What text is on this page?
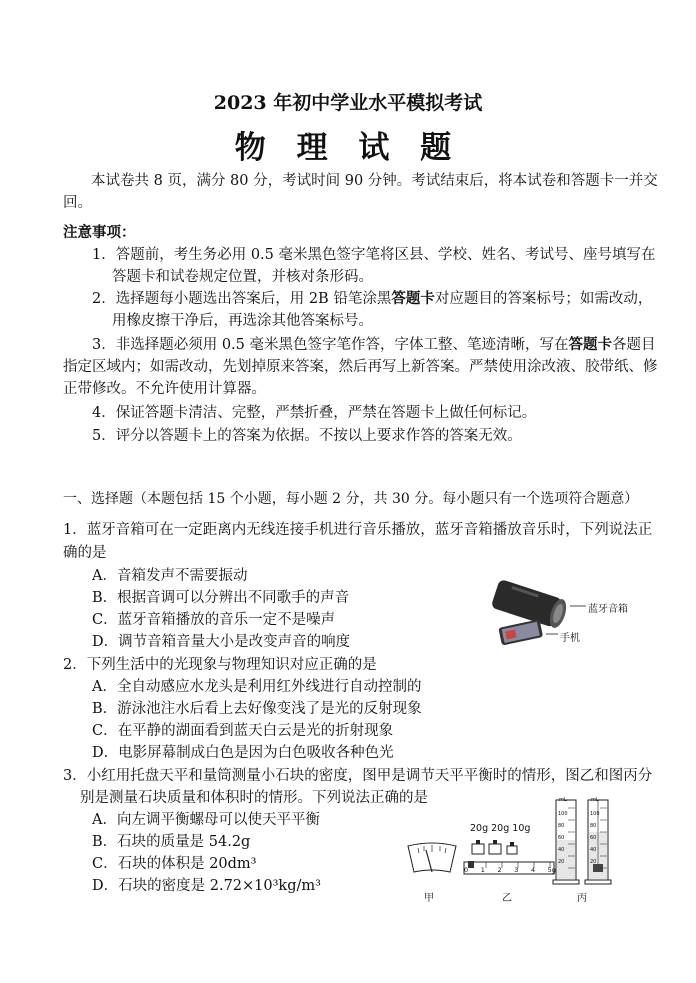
2023 年初中学业水平模拟考试
物 理 试 题
本试卷共 8 页，满分 80 分，考试时间 90 分钟。考试结束后，将本试卷和答题卡一并交
回。
注意事项：
1．答题前，考生务必用 0.5 毫米黑色签字笔将区县、学校、姓名、考试号、座号填写在
答题卡和试卷规定位置，并核对条形码。
2．选择题每小题选出答案后，用 2B 铅笔涂黑答题卡对应题目的答案标号；如需改动，
用橡皮擦干净后，再选涂其他答案标号。
3．非选择题必须用 0.5 毫米黑色签字笔作答，字体工整、笔迹清晰，写在答题卡各题目
指定区域内；如需改动，先划掉原来答案，然后再写上新答案。严禁使用涂改液、胶带纸、修
正带修改。不允许使用计算器。
4．保证答题卡清洁、完整，严禁折叠，严禁在答题卡上做任何标记。
5．评分以答题卡上的答案为依据。不按以上要求作答的答案无效。
一、选择题（本题包括 15 个小题，每小题 2 分，共 30 分。每小题只有一个选项符合题意）
1．蓝牙音箱可在一定距离内无线连接手机进行音乐播放，蓝牙音箱播放音乐时，下列说法正
确的是
A．音箱发声不需要振动
B．根据音调可以分辨出不同歌手的声音
C．蓝牙音箱播放的音乐一定不是噪声
D．调节音箱音量大小是改变声音的响度
蓝牙音箱
手机
2．下列生活中的光现象与物理知识对应正确的是
A．全自动感应水龙头是利用红外线进行自动控制的
B．游泳池注水后看上去好像变浅了是光的反射现象
C．在平静的湖面看到蓝天白云是光的折射现象
D．电影屏幕制成白色是因为白色吸收各种色光
3．小红用托盘天平和量筒测量小石块的密度，图甲是调节天平平衡时的情形，图乙和图丙分
别是测量石块质量和体积时的情形。下列说法正确的是
A．向左调平衡螺母可以使天平平衡
B．石块的质量是 54.2g
C．石块的体积是 20dm³
D．石块的密度是 2.72×10³kg/m³
20g 20g 10g
0 1 2 3 4 5g
mL	mL
100
80
60
40
20
100
80
60
40
20
甲	乙	丙
